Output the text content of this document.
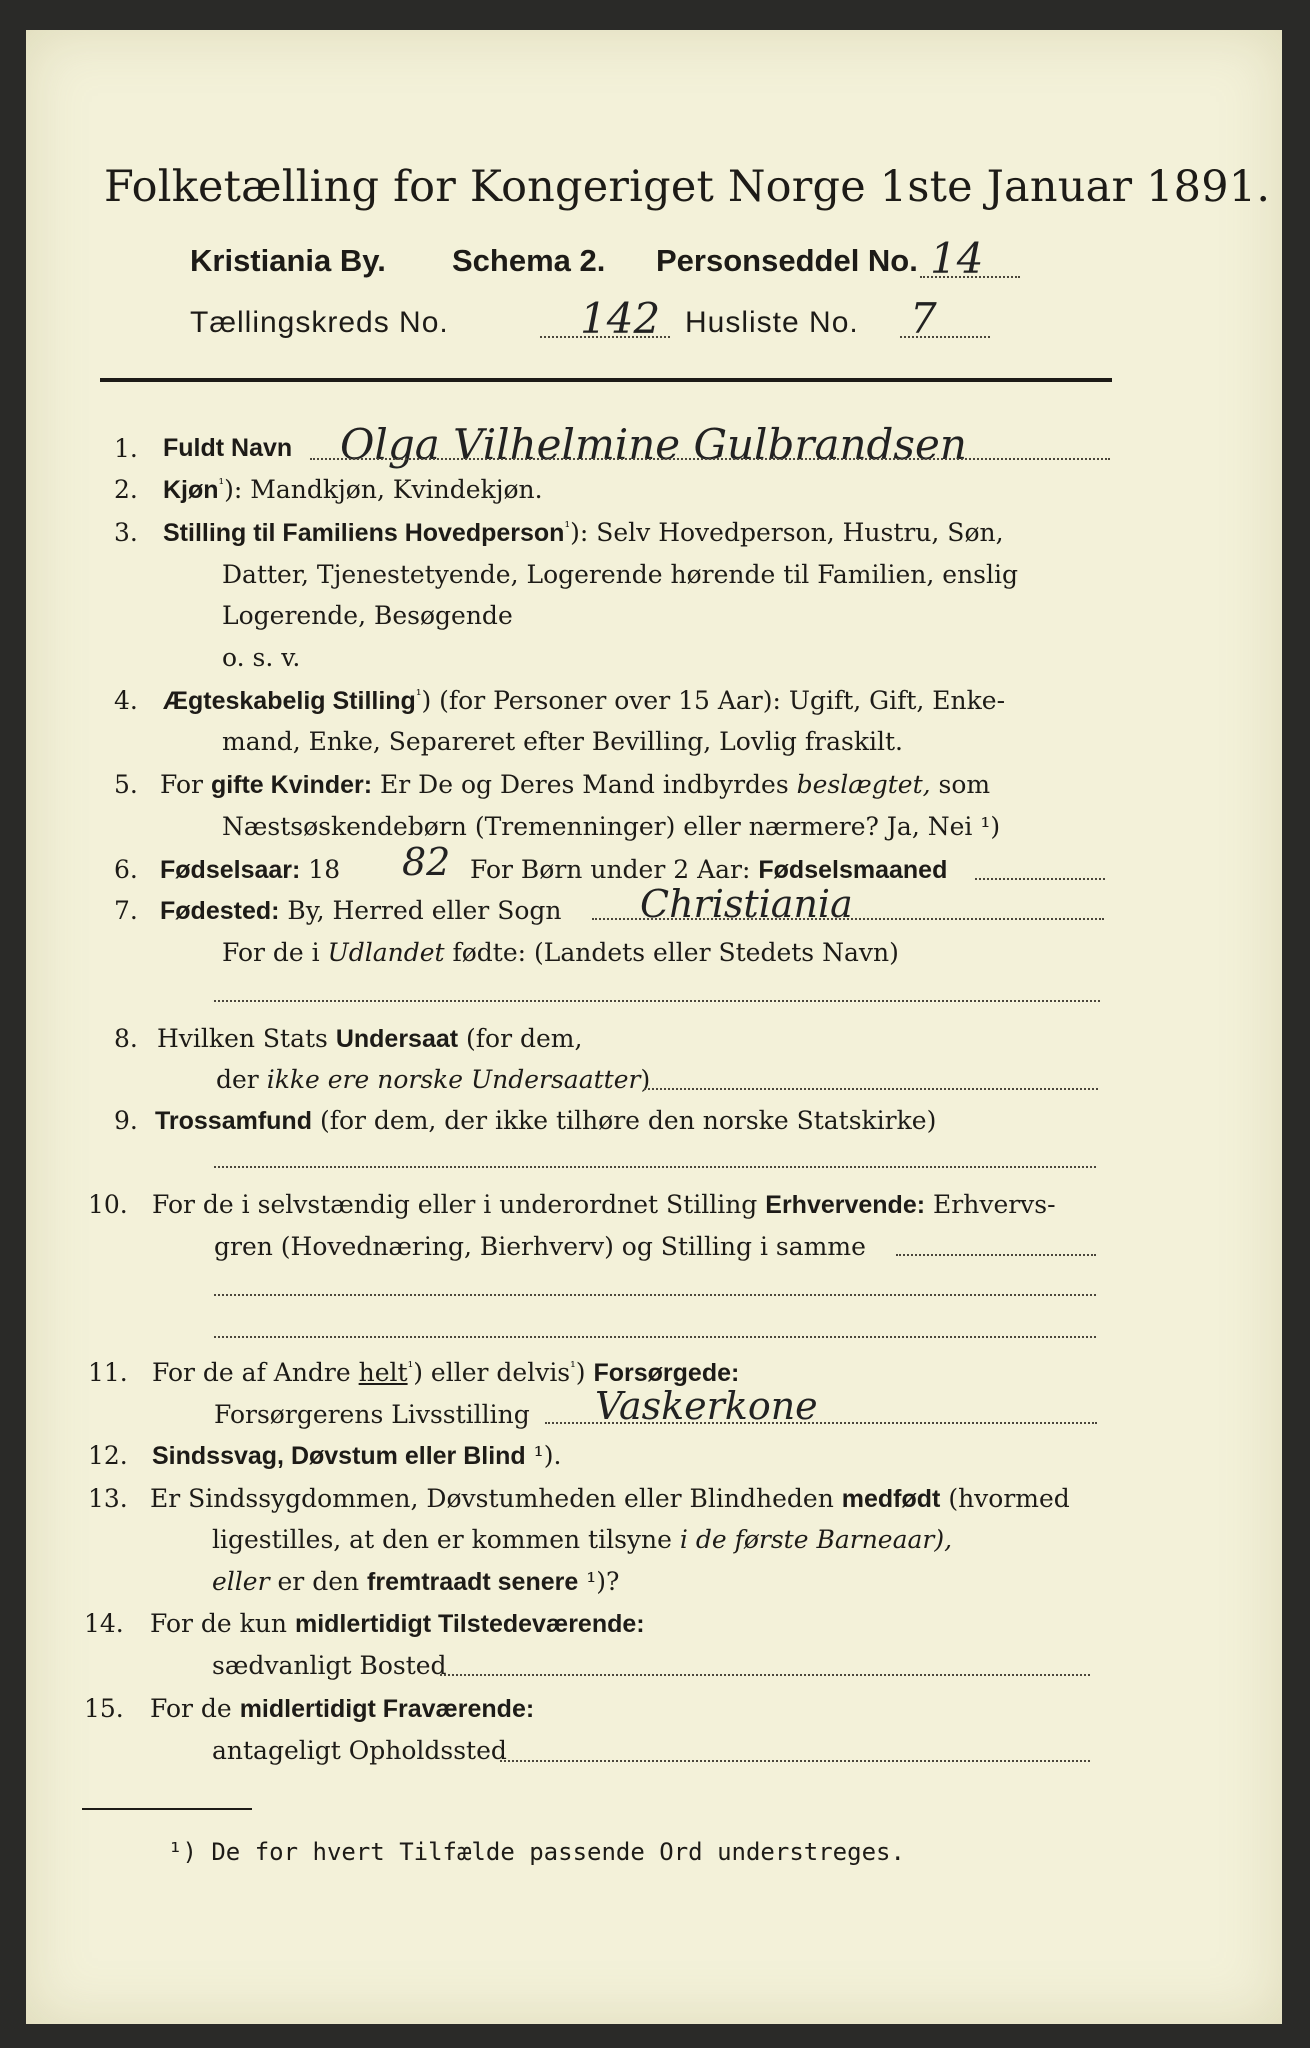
Folketælling for Kongeriget Norge 1ste Januar 1891.
Kristiania By. Schema 2. Personseddel No. 14
Tællingskreds No.	142 Husliste No. 7
1. Fuldt Navn Olga Vilhelmine Gulbrandsen
2. Kjøn$^{^1}$): Mandkjøn, Kvindekjøn.
3. Stilling til Familiens Hovedperson$^{^1}$): Selv Hovedperson, Hustru, Søn,
Datter, Tjenestetyende, Logerende hørende til Familien, enslig
Logerende, Besøgende
o. s. v.
4. Ægteskabelig Stilling$^{^1}$) (for Personer over 15 Aar): Ugift, Gift, Enke-
mand, Enke, Separeret efter Bevilling, Lovlig fraskilt.
5. For gifte Kvinder: Er De og Deres Mand indbyrdes beslægtet, som
Næstsøskendebørn (Tremenninger) eller nærmere? Ja, Nei ¹)
6. Fødselsaar: 18 82 For Børn under 2 Aar: Fødselsmaaned
7. Fødested: By, Herred eller Sogn Christiania
For de i Udlandet fødte: (Landets eller Stedets Navn)
8. Hvilken Stats Undersaat (for dem,
der ikke ere norske Undersaatter)
9. Trossamfund (for dem, der ikke tilhøre den norske Statskirke)
10. For de i selvstændig eller i underordnet Stilling Erhvervende: Erhvervs-
gren (Hovednæring, Bierhverv) og Stilling i samme
11. For de af Andre helt$^{^1}$) eller delvis$^{^1}$) Forsørgede:
Forsørgerens Livsstilling Vaskerkone
12. Sindssvag, Døvstum eller Blind ¹).
13. Er Sindssygdommen, Døvstumheden eller Blindheden medfødt (hvormed
ligestilles, at den er kommen tilsyne i de første Barneaar),
eller er den fremtraadt senere ¹)?
14. For de kun midlertidigt Tilstedeværende:
sædvanligt Bosted
15. For de midlertidigt Fraværende:
antageligt Opholdssted
¹) De for hvert Tilfælde passende Ord understreges.
